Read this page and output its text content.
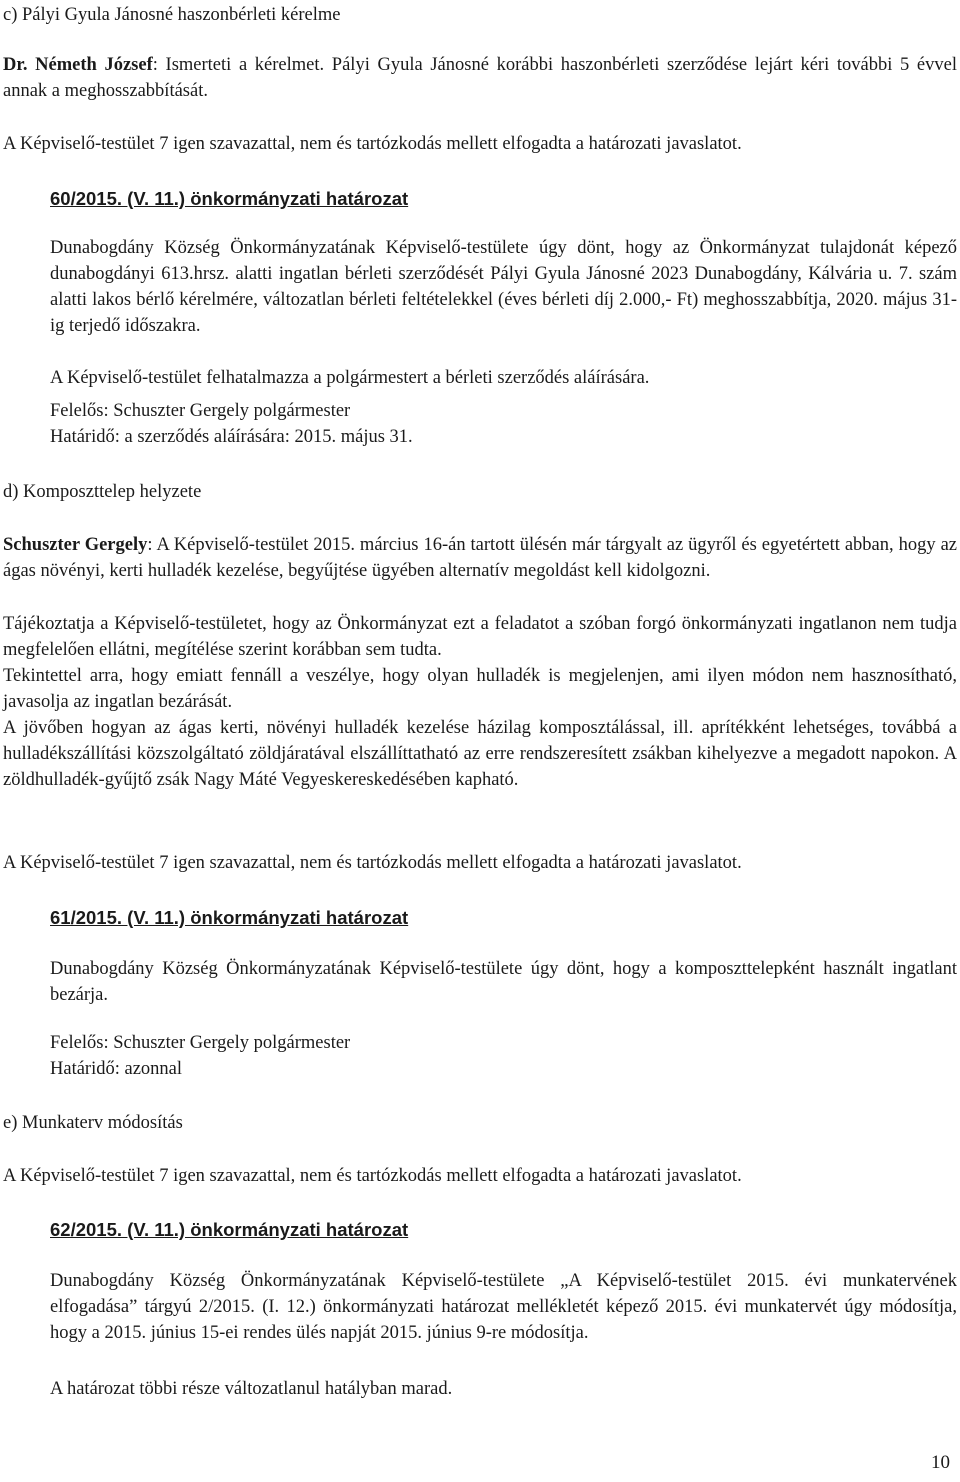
c) Pályi Gyula Jánosné haszonbérleti kérelme

Dr. Németh József: Ismerteti a kérelmet. Pályi Gyula Jánosné korábbi haszonbérleti szerződése lejárt kéri további 5 évvel annak a meghosszabbítását.

A Képviselő-testület 7 igen szavazattal, nem és tartózkodás mellett elfogadta a határozati javaslatot.

60/2015. (V. 11.) önkormányzati határozat

Dunabogdány Község Önkormányzatának Képviselő-testülete úgy dönt, hogy az Önkormányzat tulajdonát képező dunabogdányi 613.hrsz. alatti ingatlan bérleti szerződését Pályi Gyula Jánosné 2023 Dunabogdány, Kálvária u. 7. szám alatti lakos bérlő kérelmére, változatlan bérleti feltételekkel (éves bérleti díj 2.000,- Ft) meghosszabbítja, 2020. május 31-ig terjedő időszakra.

A Képviselő-testület felhatalmazza a polgármestert a bérleti szerződés aláírására.

Felelős: Schuszter Gergely polgármester

Határidő: a szerződés aláírására: 2015. május 31.

d) Komposzttelep helyzete

Schuszter Gergely: A Képviselő-testület 2015. március 16-án tartott ülésén már tárgyalt az ügyről és egyetértett abban, hogy az ágas növényi, kerti hulladék kezelése, begyűjtése ügyében alternatív megoldást kell kidolgozni.

Tájékoztatja a Képviselő-testületet, hogy az Önkormányzat ezt a feladatot a szóban forgó önkormányzati ingatlanon nem tudja megfelelően ellátni, megítélése szerint korábban sem tudta.

Tekintettel arra, hogy emiatt fennáll a veszélye, hogy olyan hulladék is megjelenjen, ami ilyen módon nem hasznosítható, javasolja az ingatlan bezárását.

A jövőben hogyan az ágas kerti, növényi hulladék kezelése házilag komposztálással, ill. aprítékként lehetséges, továbbá a hulladékszállítási közszolgáltató zöldjáratával elszállíttatható az erre rendszeresített zsákban kihelyezve a megadott napokon. A zöldhulladék-gyűjtő zsák Nagy Máté Vegyeskereskedésében kapható.

A Képviselő-testület 7 igen szavazattal, nem és tartózkodás mellett elfogadta a határozati javaslatot.

61/2015. (V. 11.) önkormányzati határozat

Dunabogdány Község Önkormányzatának Képviselő-testülete úgy dönt, hogy a komposzttelepként használt ingatlant bezárja.

Felelős: Schuszter Gergely polgármester

Határidő: azonnal

e) Munkaterv módosítás

A Képviselő-testület 7 igen szavazattal, nem és tartózkodás mellett elfogadta a határozati javaslatot.

62/2015. (V. 11.) önkormányzati határozat

Dunabogdány Község Önkormányzatának Képviselő-testülete „A Képviselő-testület 2015. évi munkatervének elfogadása” tárgyú 2/2015. (I. 12.) önkormányzati határozat mellékletét képező 2015. évi munkatervét úgy módosítja, hogy a 2015. június 15-ei rendes ülés napját 2015. június 9-re módosítja.

A határozat többi része változatlanul hatályban marad.

10
